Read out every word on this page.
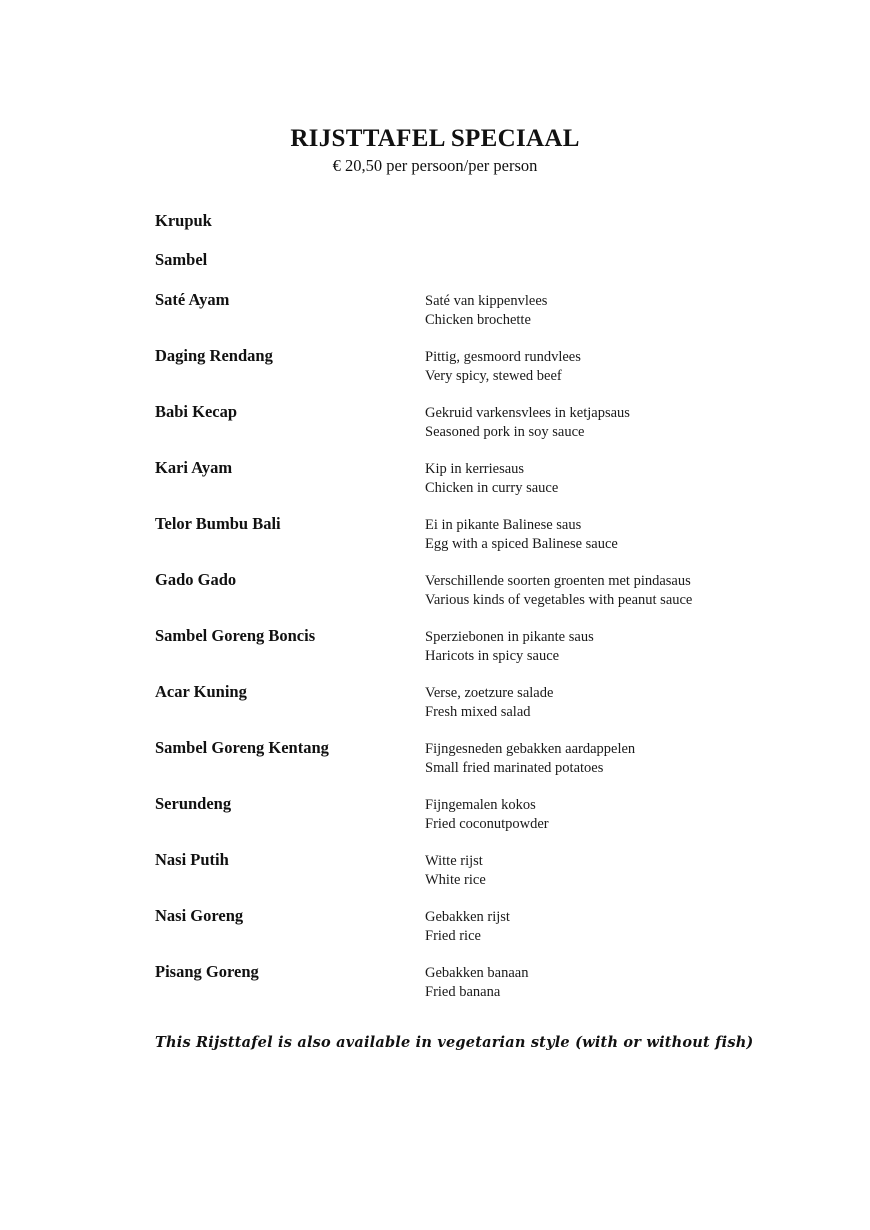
RIJSTTAFEL SPECIAAL
€ 20,50 per persoon/per person
Krupuk
Sambel
Saté Ayam	Saté van kippenvlees
Chicken brochette
Daging Rendang	Pittig, gesmoord rundvlees
Very spicy, stewed beef
Babi Kecap	Gekruid varkensvlees in ketjapsaus
Seasoned pork in soy sauce
Kari Ayam	Kip in kerriesaus
Chicken in curry sauce
Telor Bumbu Bali	Ei in pikante Balinese saus
Egg with a spiced Balinese sauce
Gado Gado	Verschillende soorten groenten met pindasaus
Various kinds of vegetables with peanut sauce
Sambel Goreng Boncis	Sperziebonen in pikante saus
Haricots in spicy sauce
Acar Kuning	Verse, zoetzure salade
Fresh mixed salad
Sambel Goreng Kentang	Fijngesneden gebakken aardappelen
Small fried marinated potatoes
Serundeng	Fijngemalen kokos
Fried coconutpowder
Nasi Putih	Witte rijst
White rice
Nasi Goreng	Gebakken rijst
Fried rice
Pisang Goreng	Gebakken banaan
Fried banana
This Rijsttafel is also available in vegetarian style (with or without fish)
